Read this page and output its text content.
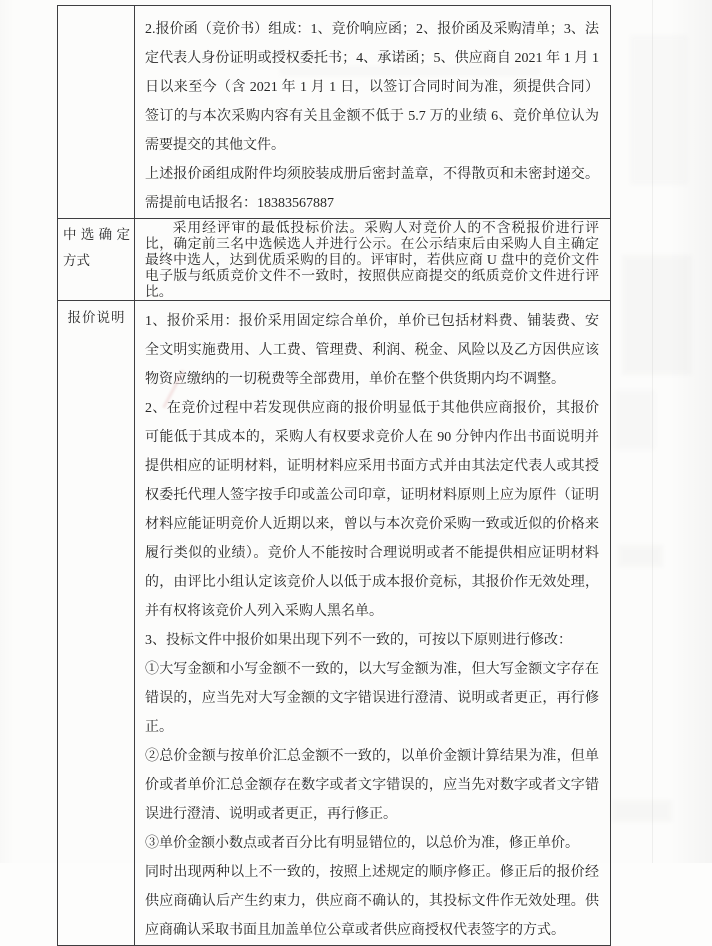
	2.报价函（竞价书）组成：1、竞价响应函；2、报价函及采购清单；3、法定代表人身份证明或授权委托书；4、承诺函；5、供应商自 2021 年 1 月 1 日以来至今（含 2021 年 1 月 1 日，以签订合同时间为准，须提供合同）签订的与本次采购内容有关且金额不低于 5.7 万的业绩 6、竞价单位认为需要提交的其他文件。

上述报价函组成附件均须胶装成册后密封盖章，不得散页和未密封递交。需提前电话报名：18383567887

中选确定方式	采用经评审的最低投标价法。采购人对竞价人的不含税报价进行评比，确定前三名中选候选人并进行公示。在公示结束后由采购人自主确定最终中选人，达到优质采购的目的。评审时，若供应商 U 盘中的竞价文件电子版与纸质竞价文件不一致时，按照供应商提交的纸质竞价文件进行评比。

报价说明	1、报价采用：报价采用固定综合单价，单价已包括材料费、铺装费、安全文明实施费用、人工费、管理费、利润、税金、风险以及乙方因供应该物资应缴纳的一切税费等全部费用，单价在整个供货期内均不调整。

2、在竞价过程中若发现供应商的报价明显低于其他供应商报价，其报价可能低于其成本的，采购人有权要求竞价人在 90 分钟内作出书面说明并提供相应的证明材料，证明材料应采用书面方式并由其法定代表人或其授权委托代理人签字按手印或盖公司印章，证明材料原则上应为原件（证明材料应能证明竞价人近期以来，曾以与本次竞价采购一致或近似的价格来履行类似的业绩）。竞价人不能按时合理说明或者不能提供相应证明材料的，由评比小组认定该竞价人以低于成本报价竞标，其报价作无效处理，并有权将该竞价人列入采购人黑名单。

3、投标文件中报价如果出现下列不一致的，可按以下原则进行修改：

①大写金额和小写金额不一致的，以大写金额为准，但大写金额文字存在错误的，应当先对大写金额的文字错误进行澄清、说明或者更正，再行修正。

②总价金额与按单价汇总金额不一致的，以单价金额计算结果为准，但单价或者单价汇总金额存在数字或者文字错误的，应当先对数字或者文字错误进行澄清、说明或者更正，再行修正。

③单价金额小数点或者百分比有明显错位的，以总价为准，修正单价。

同时出现两种以上不一致的，按照上述规定的顺序修正。修正后的报价经供应商确认后产生约束力，供应商不确认的，其投标文件作无效处理。供应商确认采取书面且加盖单位公章或者供应商授权代表签字的方式。
